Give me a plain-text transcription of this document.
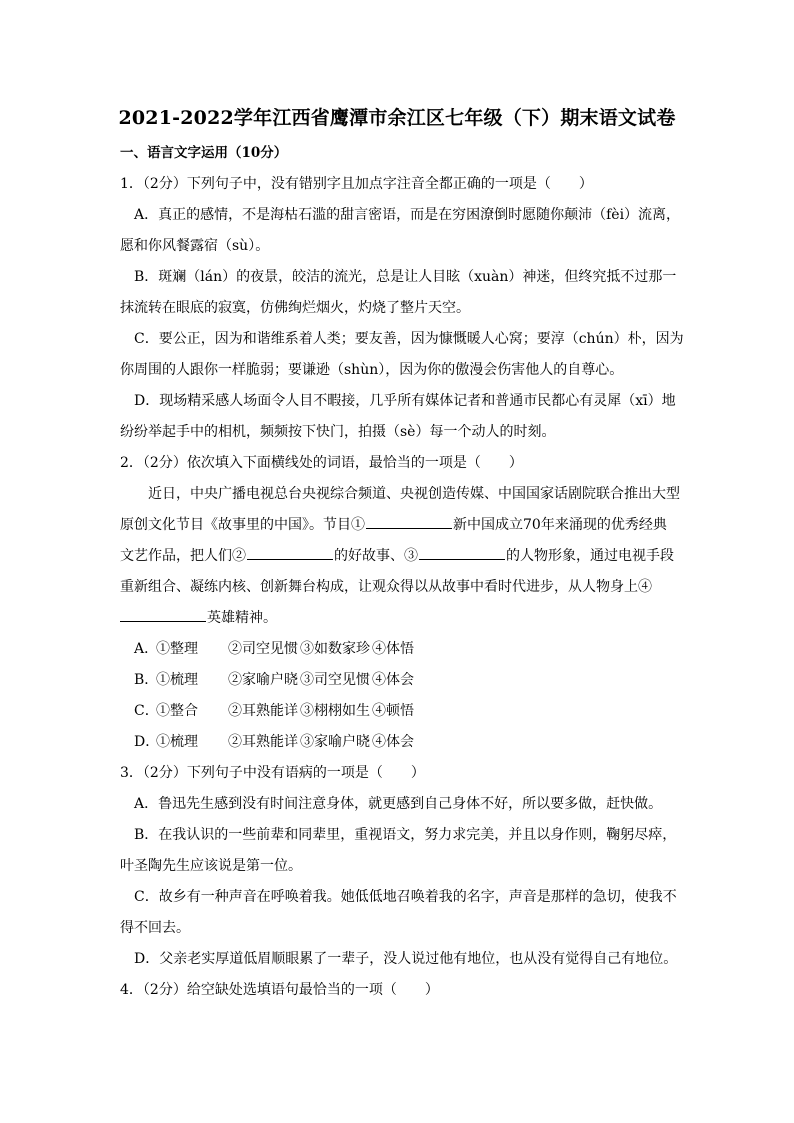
2021-2022学年江西省鹰潭市余江区七年级（下）期末语文试卷
一、语言文字运用（10分）
1．（2分）下列句子中，没有错别字且加点字注音全都正确的一项是（　　）
A．真正的感情，不是海枯石滥的甜言密语，而是在穷困潦倒时愿随你颠沛（fèi）流离，
愿和你风餐露宿（sù）。
B．斑斓（lán）的夜景，皎洁的流光，总是让人目眩（xuàn）神迷，但终究抵不过那一
抹流转在眼底的寂寞，仿佛绚烂烟火，灼烧了整片天空。
C．要公正，因为和谐维系着人类；要友善，因为慷慨暖人心窝；要淳（chún）朴，因为
你周围的人跟你一样脆弱；要谦逊（shùn），因为你的傲漫会伤害他人的自尊心。
D．现场精采感人场面令人目不暇接，几乎所有媒体记者和普通市民都心有灵犀（xī）地
纷纷举起手中的相机，频频按下快门，拍摄（sè）每一个动人的时刻。
2．（2分）依次填入下面横线处的词语，最恰当的一项是（　　）
近日，中央广播电视总台央视综合频道、央视创造传媒、中国国家话剧院联合推出大型
原创文化节目《故事里的中国》。节目①	新中国成立70年来涌现的优秀经典
文艺作品，把人们②	的好故事、③	的人物形象，通过电视手段
重新组合、凝练内核、创新舞台构成，让观众得以从故事中看时代进步，从人物身上④
英雄精神。
A．①整理 ②司空见惯 ③如数家珍 ④体悟
B．①梳理 ②家喻户晓 ③司空见惯 ④体会
C．①整合 ②耳熟能详 ③栩栩如生 ④顿悟
D．①梳理 ②耳熟能详 ③家喻户晓 ④体会
3．（2分）下列句子中没有语病的一项是（　　）
A．鲁迅先生感到没有时间注意身体，就更感到自己身体不好，所以要多做，赶快做。
B．在我认识的一些前辈和同辈里，重视语文，努力求完美，并且以身作则，鞠躬尽瘁，
叶圣陶先生应该说是第一位。
C．故乡有一种声音在呼唤着我。她低低地召唤着我的名字，声音是那样的急切，使我不
得不回去。
D．父亲老实厚道低眉顺眼累了一辈子，没人说过他有地位，也从没有觉得自己有地位。
4．（2分）给空缺处选填语句最恰当的一项（　　）
